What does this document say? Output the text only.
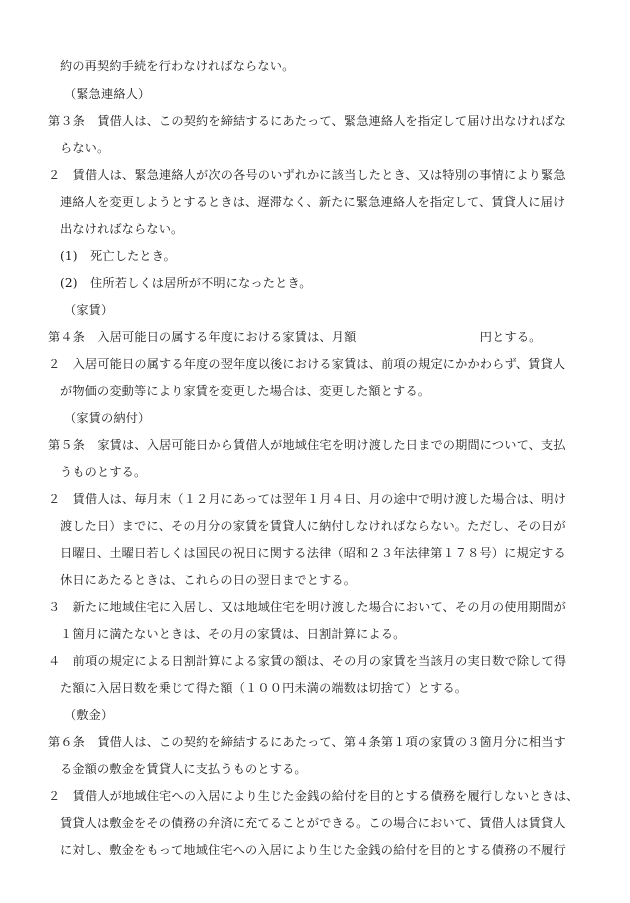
約の再契約手続を行わなければならない。
（緊急連絡人）
第３条　賃借人は、この契約を締結するにあたって、緊急連絡人を指定して届け出なければな
らない。
２　賃借人は、緊急連絡人が次の各号のいずれかに該当したとき、又は特別の事情により緊急
連絡人を変更しようとするときは、遅滞なく、新たに緊急連絡人を指定して、賃貸人に届け
出なければならない。
(1)　死亡したとき。
(2)　住所若しくは居所が不明になったとき。
（家賃）
第４条　入居可能日の属する年度における家賃は、月額　　　　　　　　　　円とする。
２　入居可能日の属する年度の翌年度以後における家賃は、前項の規定にかかわらず、賃貸人
が物価の変動等により家賃を変更した場合は、変更した額とする。
（家賃の納付）
第５条　家賃は、入居可能日から賃借人が地域住宅を明け渡した日までの期間について、支払
うものとする。
２　賃借人は、毎月末（１２月にあっては翌年１月４日、月の途中で明け渡した場合は、明け
渡した日）までに、その月分の家賃を賃貸人に納付しなければならない。ただし、その日が
日曜日、土曜日若しくは国民の祝日に関する法律（昭和２３年法律第１７８号）に規定する
休日にあたるときは、これらの日の翌日までとする。
３　新たに地域住宅に入居し、又は地域住宅を明け渡した場合において、その月の使用期間が
１箇月に満たないときは、その月の家賃は、日割計算による。
４　前項の規定による日割計算による家賃の額は、その月の家賃を当該月の実日数で除して得
た額に入居日数を乗じて得た額（１００円未満の端数は切捨て）とする。
（敷金）
第６条　賃借人は、この契約を締結するにあたって、第４条第１項の家賃の３箇月分に相当す
る金額の敷金を賃貸人に支払うものとする。
２　賃借人が地域住宅への入居により生じた金銭の給付を目的とする債務を履行しないときは、
賃貸人は敷金をその債務の弁済に充てることができる。この場合において、賃借人は賃貸人
に対し、敷金をもって地域住宅への入居により生じた金銭の給付を目的とする債務の不履行
